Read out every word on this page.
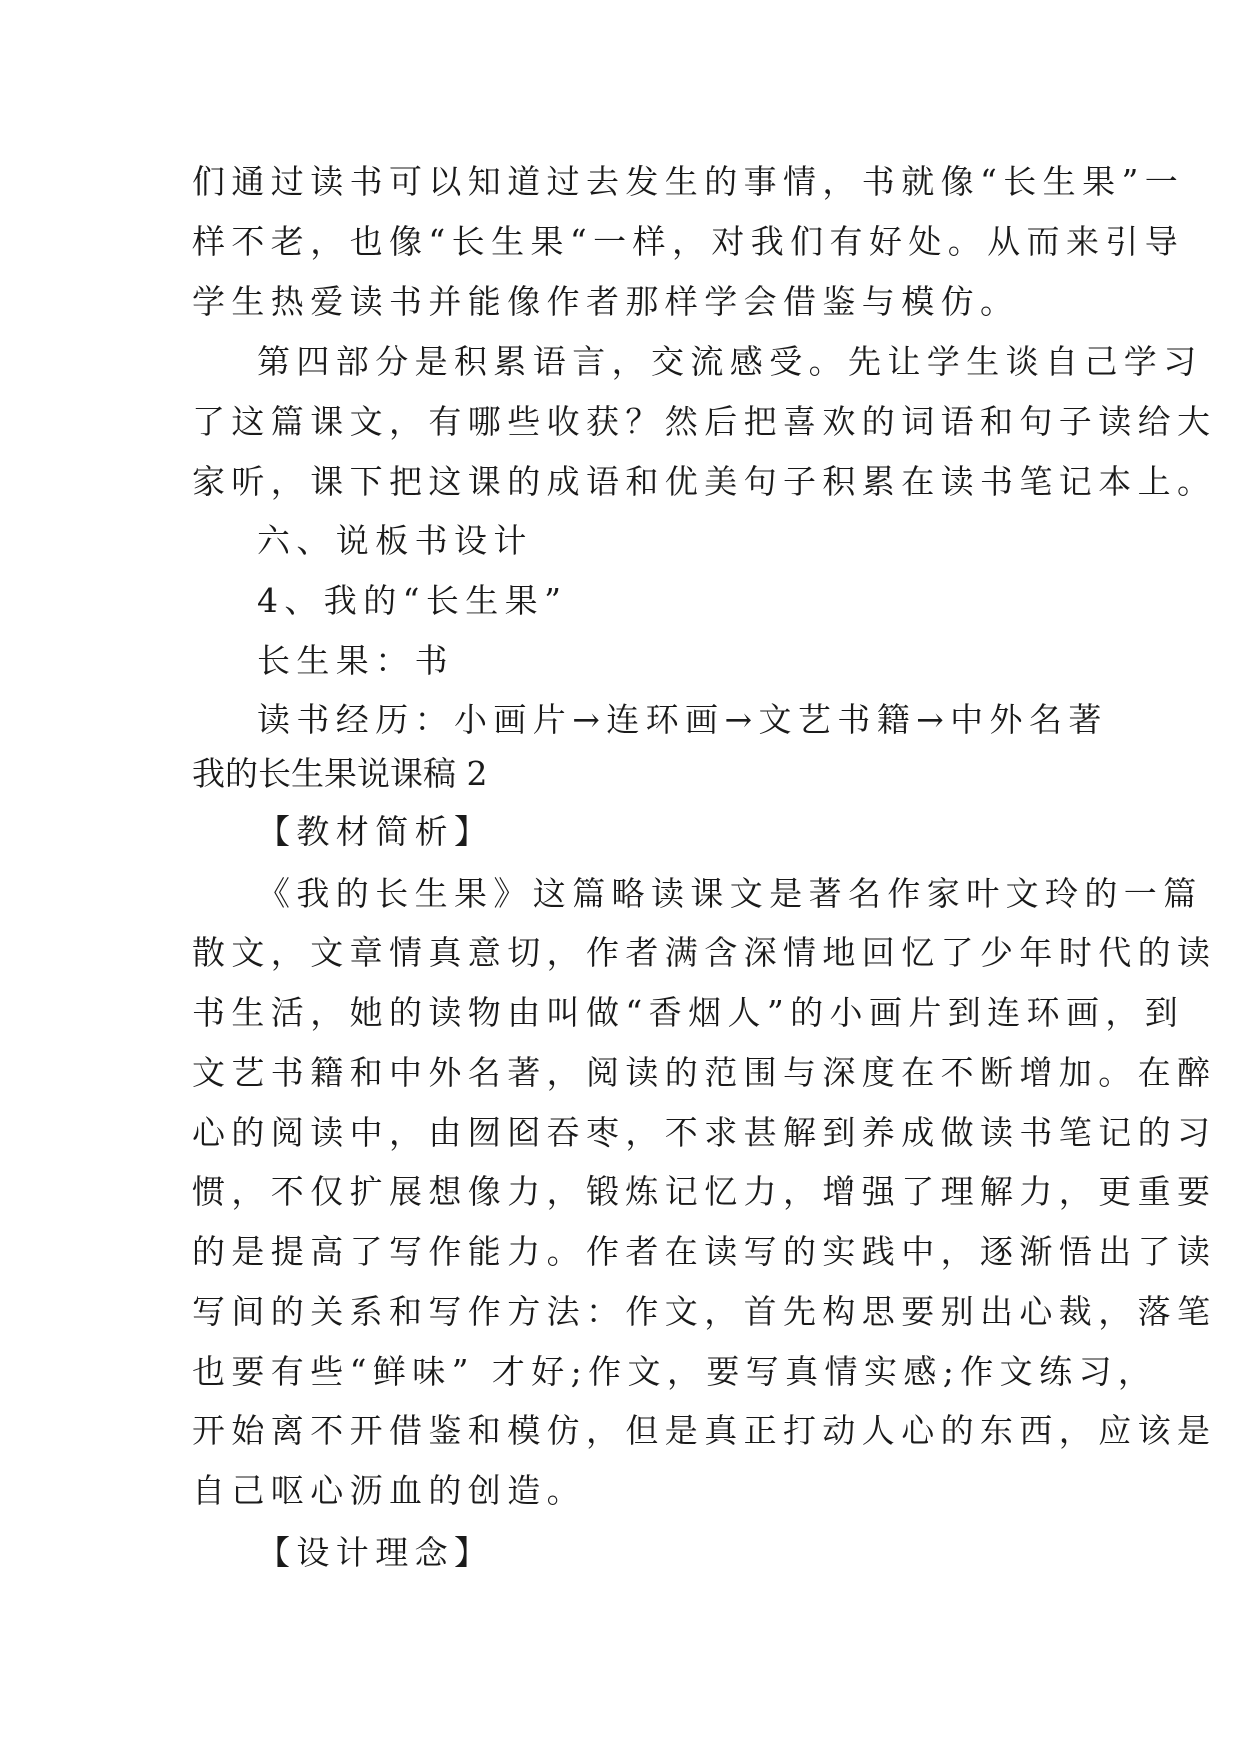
们通过读书可以知道过去发生的事情，书就像“长生果”一
样不老，也像“长生果“一样，对我们有好处。从而来引导
学生热爱读书并能像作者那样学会借鉴与模仿。
第四部分是积累语言，交流感受。先让学生谈自己学习
了这篇课文，有哪些收获？然后把喜欢的词语和句子读给大
家听，课下把这课的成语和优美句子积累在读书笔记本上。
六、说板书设计
4、我的“长生果”
长生果：书
读书经历：小画片→连环画→文艺书籍→中外名著
我的长生果说课稿 2
【教材简析】
《我的长生果》这篇略读课文是著名作家叶文玲的一篇
散文，文章情真意切，作者满含深情地回忆了少年时代的读
书生活，她的读物由叫做“香烟人”的小画片到连环画，到
文艺书籍和中外名著，阅读的范围与深度在不断增加。在醉
心的阅读中，由囫囵吞枣，不求甚解到养成做读书笔记的习
惯，不仅扩展想像力，锻炼记忆力，增强了理解力，更重要
的是提高了写作能力。作者在读写的实践中，逐渐悟出了读
写间的关系和写作方法：作文，首先构思要别出心裁，落笔
也要有些“鲜味” 才好;作文，要写真情实感;作文练习，
开始离不开借鉴和模仿，但是真正打动人心的东西，应该是
自己呕心沥血的创造。
【设计理念】
